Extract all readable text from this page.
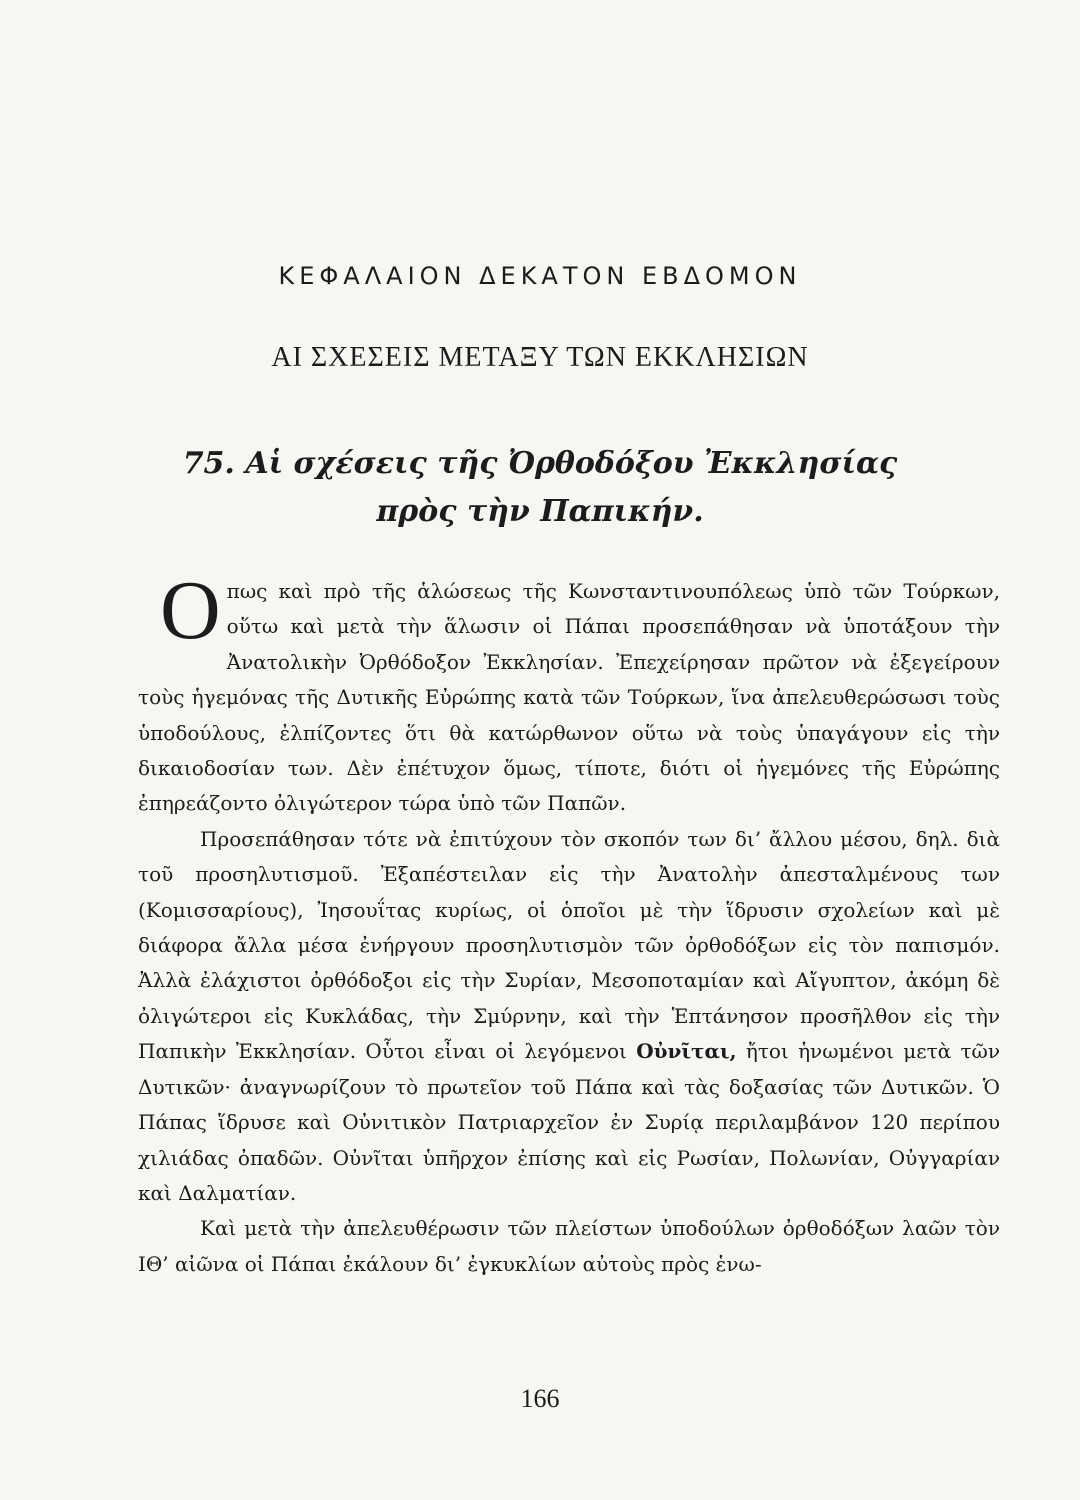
ΚΕΦΑΛΑΙΟΝ ΔΕΚΑΤΟΝ ΕΒΔΟΜΟΝ
ΑΙ ΣΧΕΣΕΙΣ ΜΕΤΑΞΥ ΤΩΝ ΕΚΚΛΗΣΙΩΝ
75. Αἱ σχέσεις τῆς Ὀρθοδόξου Ἐκκλησίας
πρὸς τὴν Παπικήν.

Οπως καὶ πρὸ τῆς ἁλώσεως τῆς Κωνσταντινουπόλεως ὑπὸ τῶν Τούρκων, οὕτω καὶ μετὰ τὴν ἅλωσιν οἱ Πάπαι προσεπάθησαν νὰ ὑποτάξουν τὴν Ἀνατολικὴν Ὀρθόδοξον Ἐκκλησίαν. Ἐπεχείρησαν πρῶτον νὰ ἐξεγείρουν τοὺς ἡγεμόνας τῆς Δυτικῆς Εὐρώπης κατὰ τῶν Τούρκων, ἵνα ἀπελευθερώσωσι τοὺς ὑποδούλους, ἐλπίζοντες ὅτι θὰ κατώρθωνον οὕτω νὰ τοὺς ὑπαγάγουν εἰς τὴν δικαιοδοσίαν των. Δὲν ἐπέτυχον ὅμως, τίποτε, διότι οἱ ἡγεμόνες τῆς Εὐρώπης ἐπηρεάζοντο ὀλιγώτερον τώρα ὑπὸ τῶν Παπῶν.

Προσεπάθησαν τότε νὰ ἐπιτύχουν τὸν σκοπόν των δι’ ἄλλου μέσου, δηλ. διὰ τοῦ προσηλυτισμοῦ. Ἐξαπέστειλαν εἰς τὴν Ἀνατολὴν ἀπεσταλμένους των (Κομισσαρίους), Ἰησουΐτας κυρίως, οἱ ὁποῖοι μὲ τὴν ἵδρυσιν σχολείων καὶ μὲ διάφορα ἄλλα μέσα ἐνήργουν προσηλυτισμὸν τῶν ὀρθοδόξων εἰς τὸν παπισμόν. Ἀλλὰ ἐλάχιστοι ὀρθόδοξοι εἰς τὴν Συρίαν, Μεσοποταμίαν καὶ Αἴγυπτον, ἀκόμη δὲ ὀλιγώτεροι εἰς Κυκλάδας, τὴν Σμύρνην, καὶ τὴν Ἑπτάνησον προσῆλθον εἰς τὴν Παπικὴν Ἐκκλησίαν. Οὗτοι εἶναι οἱ λεγόμενοι Οὐνῖται, ἤτοι ἡνωμένοι μετὰ τῶν Δυτικῶν· ἀναγνωρίζουν τὸ πρωτεῖον τοῦ Πάπα καὶ τὰς δοξασίας τῶν Δυτικῶν. Ὁ Πάπας ἵδρυσε καὶ Οὐνιτικὸν Πατριαρχεῖον ἐν Συρίᾳ περιλαμβάνον 120 περίπου χιλιάδας ὀπαδῶν. Οὐνῖται ὑπῆρχον ἐπίσης καὶ εἰς Ρωσίαν, Πολωνίαν, Οὐγγαρίαν καὶ Δαλματίαν.

Καὶ μετὰ τὴν ἀπελευθέρωσιν τῶν πλείστων ὑποδούλων ὀρθοδόξων λαῶν τὸν ΙΘ’ αἰῶνα οἱ Πάπαι ἐκάλουν δι’ ἐγκυκλίων αὐτοὺς πρὸς ἑνω-

166
